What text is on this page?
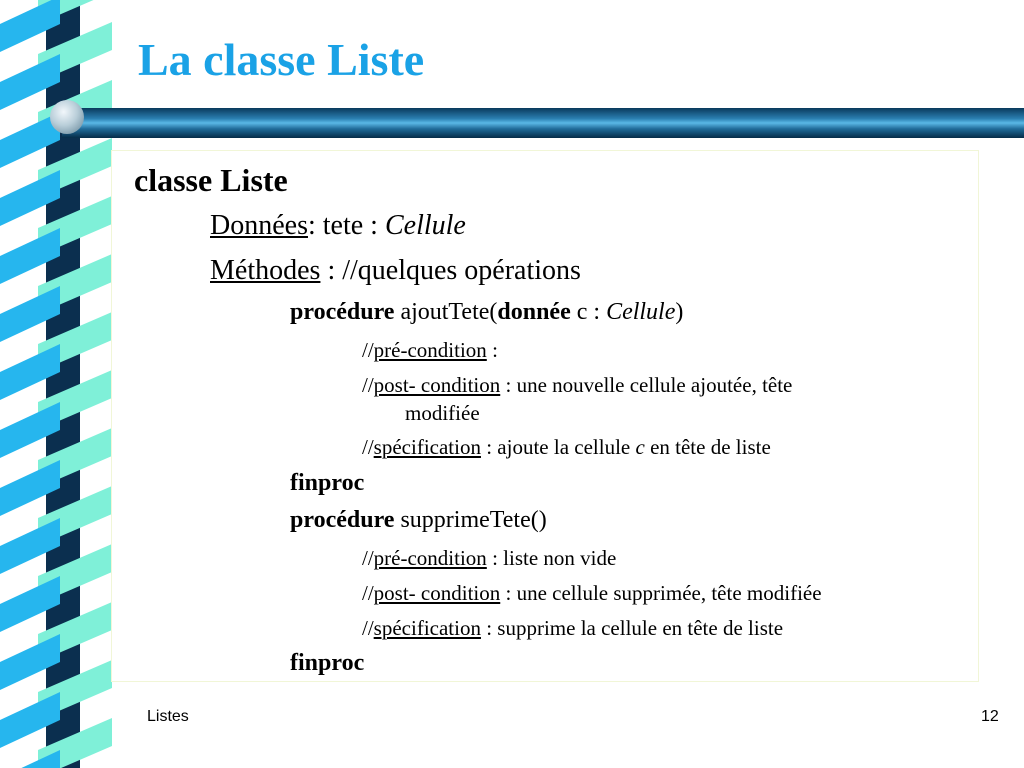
La classe Liste
classe Liste
Données: tete : Cellule
Méthodes : //quelques opérations
procédure ajoutTete(donnée c : Cellule)
//pré-condition :
//post- condition : une nouvelle cellule ajoutée, tête
modifiée
//spécification : ajoute la cellule c en tête de liste
finproc
procédure supprimeTete()
//pré-condition : liste non vide
//post- condition : une cellule supprimée, tête modifiée
//spécification : supprime la cellule en tête de liste
finproc
Listes	12
